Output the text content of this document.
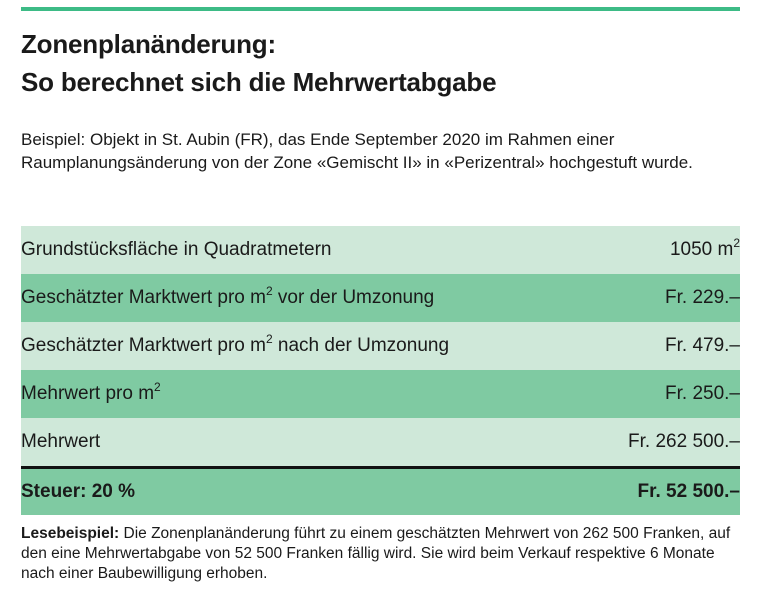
Zonenplanänderung:
So berechnet sich die Mehrwertabgabe
Beispiel: Objekt in St. Aubin (FR), das Ende September 2020 im Rahmen einer Raumplanungsänderung von der Zone «Gemischt II» in «Perizentral» hochgestuft wurde.
Grundstücksfläche in Quadratmetern	1050 $m^2$
Geschätzter Marktwert pro $m^2$ vor der Umzonung	Fr. 229.–
Geschätzter Marktwert pro $m^2$ nach der Umzonung	Fr. 479.–
Mehrwert pro $m^2$	Fr. 250.–
Mehrwert	Fr. 262 500.–
Steuer: 20 %	Fr. 52 500.–
Lesebeispiel: Die Zonenplanänderung führt zu einem geschätzten Mehrwert von 262 500 Franken, auf den eine Mehrwertabgabe von 52 500 Franken fällig wird. Sie wird beim Verkauf respektive 6 Monate nach einer Baubewilligung erhoben.
